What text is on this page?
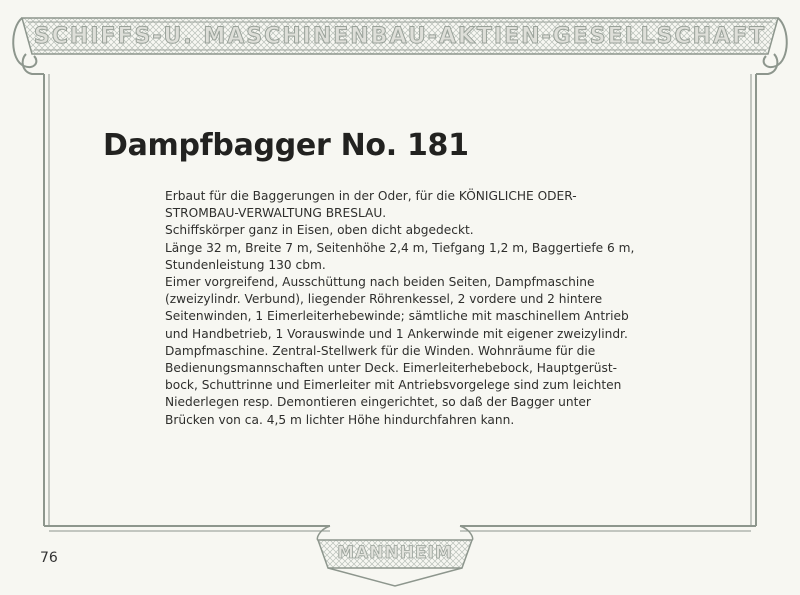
SCHIFFS-U. MASCHINENBAU-AKTIEN-GESELLSCHAFT
Dampfbagger No. 181

Erbaut für die Baggerungen in der Oder, für die KÖNIGLICHE ODER-
STROMBAU-VERWALTUNG BRESLAU.

Schiffskörper ganz in Eisen, oben dicht abgedeckt.

Länge 32 m, Breite 7 m, Seitenhöhe 2,4 m, Tiefgang 1,2 m, Baggertiefe 6 m,
Stundenleistung 130 cbm.

Eimer vorgreifend, Ausschüttung nach beiden Seiten, Dampfmaschine
(zweizylindr. Verbund), liegender Röhrenkessel, 2 vordere und 2 hintere
Seitenwinden, 1 Eimerleiterhebewinde; sämtliche mit maschinellem Antrieb
und Handbetrieb, 1 Vorauswinde und 1 Ankerwinde mit eigener zweizylindr.
Dampfmaschine. Zentral-Stellwerk für die Winden. Wohnräume für die
Bedienungsmannschaften unter Deck. Eimerleiterhebebock, Hauptgerüst-
bock, Schuttrinne und Eimerleiter mit Antriebsvorgelege sind zum leichten
Niederlegen resp. Demontieren eingerichtet, so daß der Bagger unter
Brücken von ca. 4,5 m lichter Höhe hindurchfahren kann.

76	MANNHEIM
